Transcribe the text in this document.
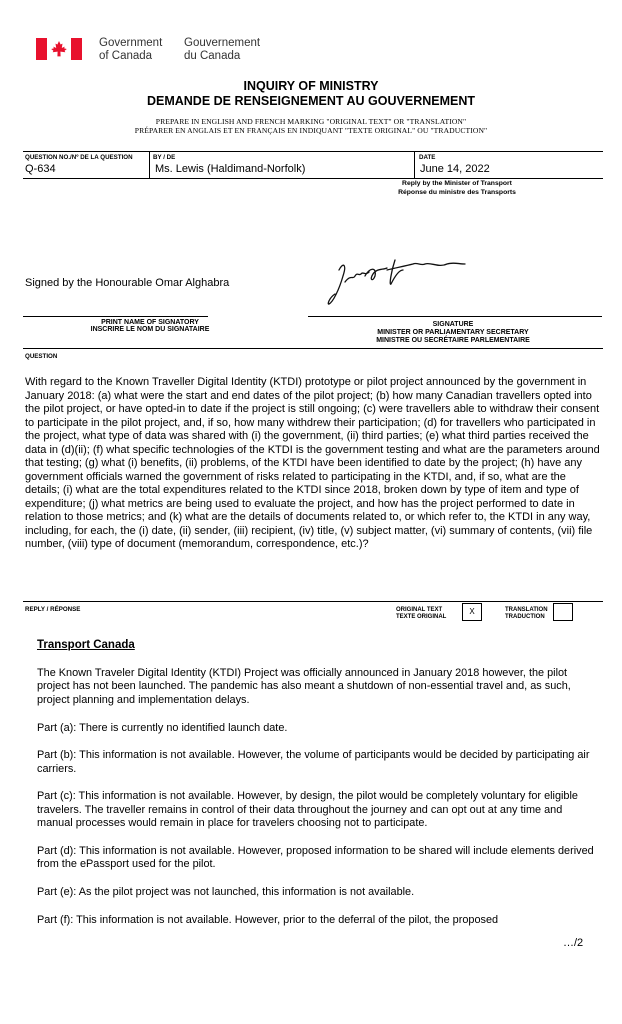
Government
of Canada
Gouvernement
du Canada
INQUIRY OF MINISTRY
DEMANDE DE RENSEIGNEMENT AU GOUVERNEMENT
PREPARE IN ENGLISH AND FRENCH MARKING "ORIGINAL TEXT" OR "TRANSLATION"
PRÉPARER EN ANGLAIS ET EN FRANÇAIS EN INDIQUANT "TEXTE ORIGINAL" OU "TRADUCTION"
QUESTION NO./Nº DE LA QUESTION
Q-634
BY / DE
Ms. Lewis (Haldimand-Norfolk)
DATE
June 14, 2022
Reply by the Minister of Transport
Réponse du ministre des Transports
Signed by the Honourable Omar Alghabra
PRINT NAME OF SIGNATORY
INSCRIRE LE NOM DU SIGNATAIRE
SIGNATURE
MINISTER OR PARLIAMENTARY SECRETARY
MINISTRE OU SECRÉTAIRE PARLEMENTAIRE
QUESTION
With regard to the Known Traveller Digital Identity (KTDI) prototype or pilot project announced by the government in January 2018: (a) what were the start and end dates of the pilot project; (b) how many Canadian travellers opted into the pilot project, or have opted-in to date if the project is still ongoing; (c) were travellers able to withdraw their consent to participate in the pilot project, and, if so, how many withdrew their participation; (d) for travellers who participated in the project, what type of data was shared with (i) the government, (ii) third parties; (e) what third parties received the data in (d)(ii); (f) what specific technologies of the KTDI is the government testing and what are the parameters around that testing; (g) what (i) benefits, (ii) problems, of the KTDI have been identified to date by the project; (h) have any government officials warned the government of risks related to participating in the KTDI, and, if so, what are the details; (i) what are the total expenditures related to the KTDI since 2018, broken down by type of item and type of expenditure; (j) what metrics are being used to evaluate the project, and how has the project performed to date in relation to those metrics; and (k) what are the details of documents related to, or which refer to, the KTDI in any way, including, for each, the (i) date, (ii) sender, (iii) recipient, (iv) title, (v) subject matter, (vi) summary of contents, (vii) file number, (viii) type of document (memorandum, correspondence, etc.)?
REPLY / RÉPONSE	ORIGINAL TEXT
TEXTE ORIGINAL
X	TRANSLATION
TRADUCTION
Transport Canada

The Known Traveler Digital Identity (KTDI) Project was officially announced in January 2018 however, the pilot project has not been launched. The pandemic has also meant a shutdown of non-essential travel and, as such, project planning and implementation delays.

Part (a): There is currently no identified launch date.

Part (b): This information is not available. However, the volume of participants would be decided by participating air carriers.

Part (c): This information is not available. However, by design, the pilot would be completely voluntary for eligible travelers. The traveller remains in control of their data throughout the journey and can opt out at any time and manual processes would remain in place for travelers choosing not to participate.

Part (d): This information is not available. However, proposed information to be shared will include elements derived from the ePassport used for the pilot.

Part (e): As the pilot project was not launched, this information is not available.

Part (f): This information is not available. However, prior to the deferral of the pilot, the proposed

…/2
